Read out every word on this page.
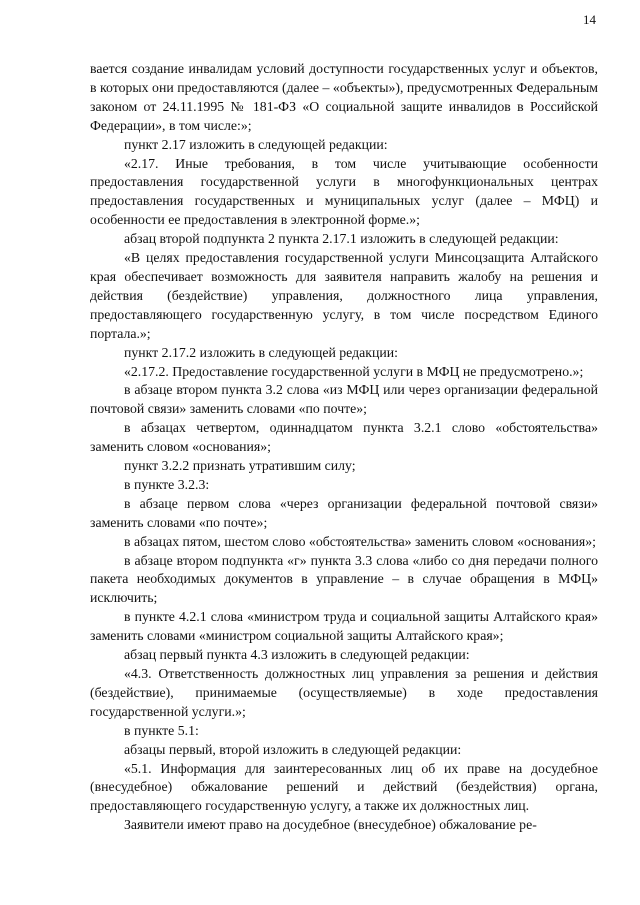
14

вается создание инвалидам условий доступности государственных услуг и объектов, в которых они предоставляются (далее – «объекты»), предусмотренных Федеральным законом от 24.11.1995 № 181-ФЗ «О социальной защите инвалидов в Российской Федерации», в том числе:»;

пункт 2.17 изложить в следующей редакции:

«2.17. Иные требования, в том числе учитывающие особенности предоставления государственной услуги в многофункциональных центрах предоставления государственных и муниципальных услуг (далее – МФЦ) и особенности ее предоставления в электронной форме.»;

абзац второй подпункта 2 пункта 2.17.1 изложить в следующей редакции:

«В целях предоставления государственной услуги Минсоцзащита Алтайского края обеспечивает возможность для заявителя направить жалобу на решения и действия (бездействие) управления, должностного лица управления, предоставляющего государственную услугу, в том числе посредством Единого портала.»;

пункт 2.17.2 изложить в следующей редакции:

«2.17.2. Предоставление государственной услуги в МФЦ не предусмотрено.»;

в абзаце втором пункта 3.2 слова «из МФЦ или через организации федеральной почтовой связи» заменить словами «по почте»;

в абзацах четвертом, одиннадцатом пункта 3.2.1 слово «обстоятельства» заменить словом «основания»;

пункт 3.2.2 признать утратившим силу;

в пункте 3.2.3:

в абзаце первом слова «через организации федеральной почтовой связи» заменить словами «по почте»;

в абзацах пятом, шестом слово «обстоятельства» заменить словом «основания»;

в абзаце втором подпункта «г» пункта 3.3 слова «либо со дня передачи полного пакета необходимых документов в управление – в случае обращения в МФЦ» исключить;

в пункте 4.2.1 слова «министром труда и социальной защиты Алтайского края» заменить словами «министром социальной защиты Алтайского края»;

абзац первый пункта 4.3 изложить в следующей редакции:

«4.3. Ответственность должностных лиц управления за решения и действия (бездействие), принимаемые (осуществляемые) в ходе предоставления государственной услуги.»;

в пункте 5.1:

абзацы первый, второй изложить в следующей редакции:

«5.1. Информация для заинтересованных лиц об их праве на досудебное (внесудебное) обжалование решений и действий (бездействия) органа, предоставляющего государственную услугу, а также их должностных лиц.

Заявители имеют право на досудебное (внесудебное) обжалование ре-
